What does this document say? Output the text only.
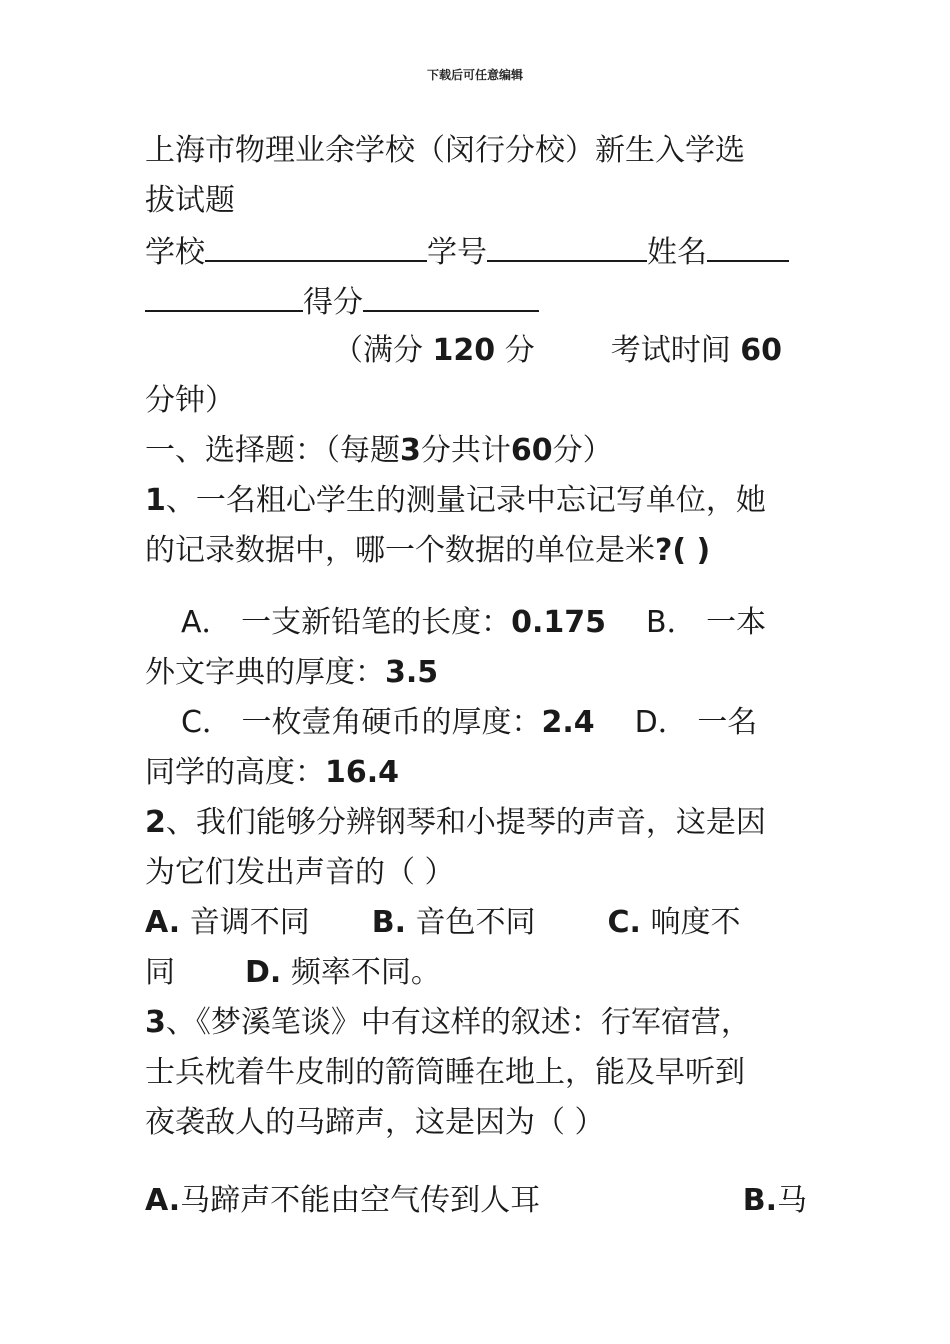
下载后可任意编辑
上海市物理业余学校（闵行分校）新生入学选
拔试题
学校	学号	姓名
得分
（满分 120 分	考试时间 60
分钟）
一、选择题：（每题3分共计60分）
1、一名粗心学生的测量记录中忘记写单位，她
的记录数据中，哪一个数据的单位是米?( )
A． 一支新铅笔的长度：0.175 B． 一本
外文字典的厚度：3.5
C． 一枚壹角硬币的厚度：2.4 D． 一名
同学的高度：16.4
2、我们能够分辨钢琴和小提琴的声音，这是因
为它们发出声音的（ ）
A. 音调不同 B. 音色不同 C. 响度不
同 D. 频率不同。
3、《梦溪笔谈》中有这样的叙述：行军宿营，
士兵枕着牛皮制的箭筒睡在地上，能及早听到
夜袭敌人的马蹄声，这是因为（ ）
A.马蹄声不能由空气传到人耳	B.马
